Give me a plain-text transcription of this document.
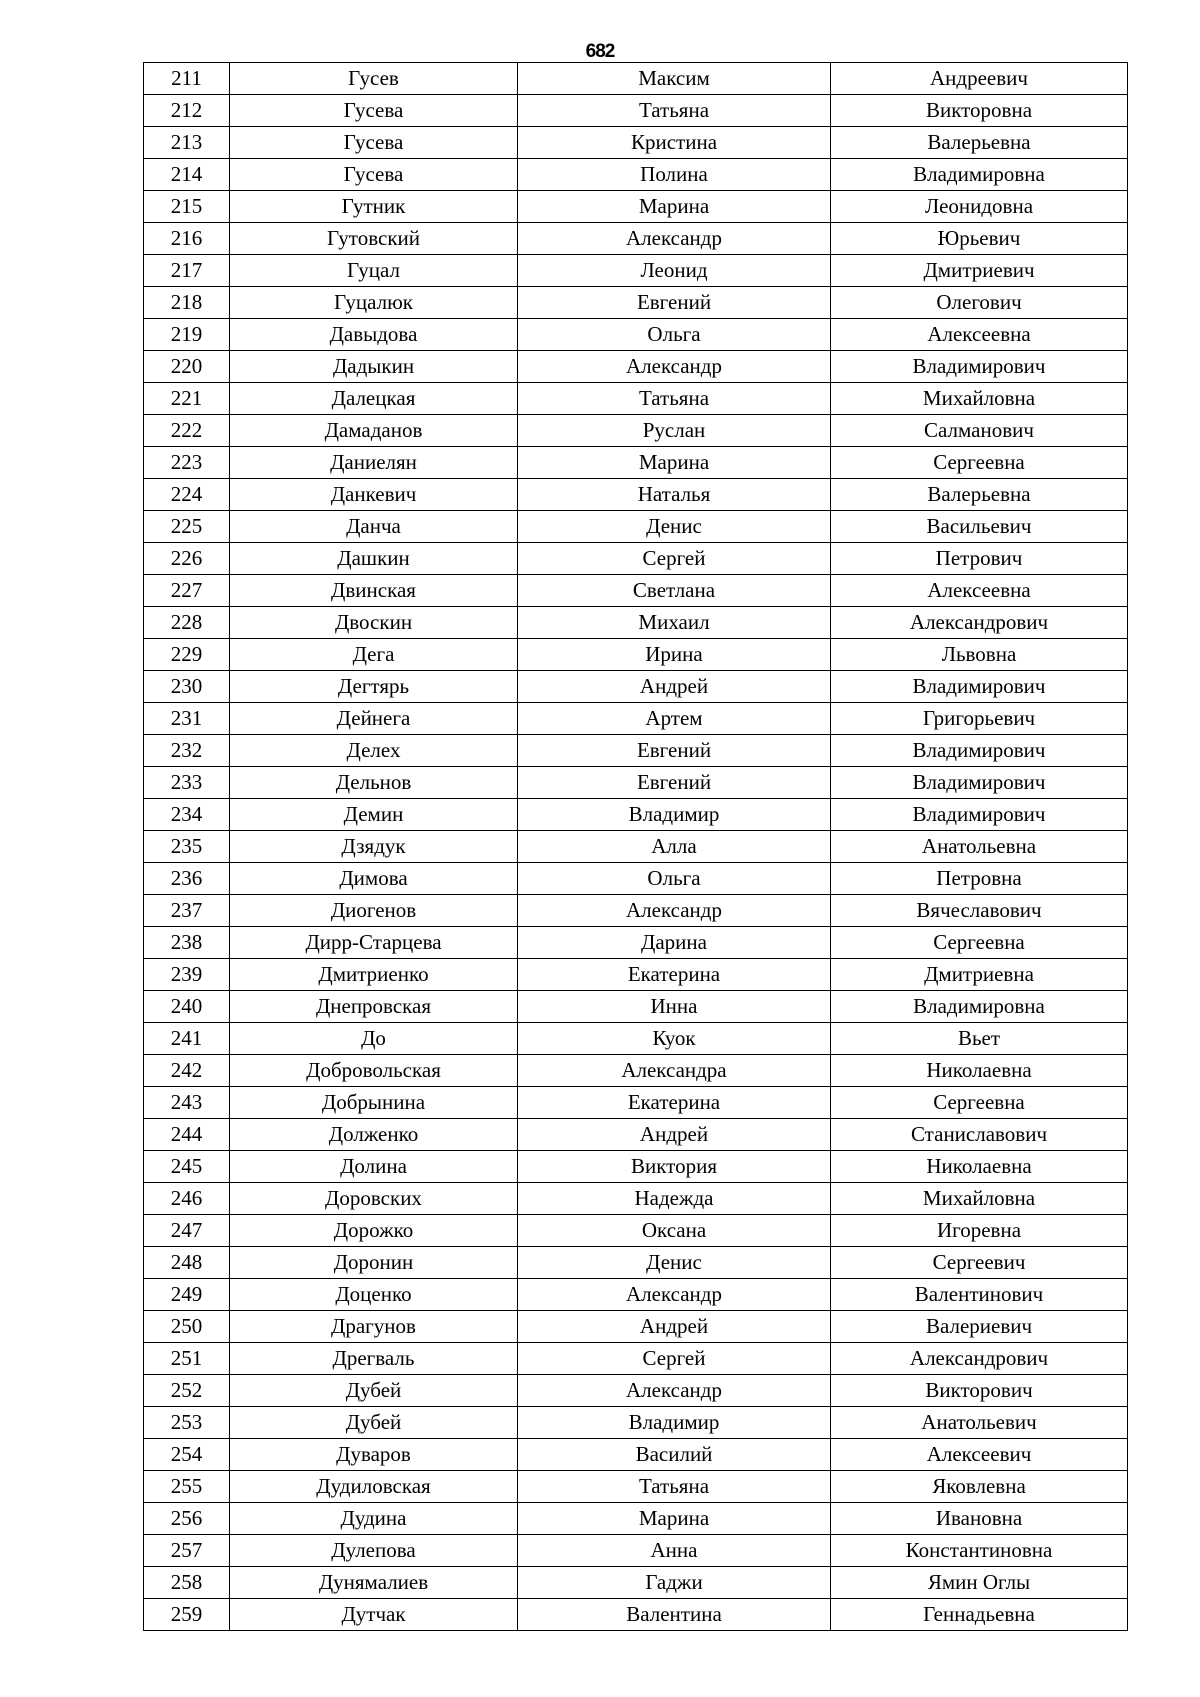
682
211	Гусев	Максим	Андреевич
212	Гусева	Татьяна	Викторовна
213	Гусева	Кристина	Валерьевна
214	Гусева	Полина	Владимировна
215	Гутник	Марина	Леонидовна
216	Гутовский	Александр	Юрьевич
217	Гуцал	Леонид	Дмитриевич
218	Гуцалюк	Евгений	Олегович
219	Давыдова	Ольга	Алексеевна
220	Дадыкин	Александр	Владимирович
221	Далецкая	Татьяна	Михайловна
222	Дамаданов	Руслан	Салманович
223	Даниелян	Марина	Сергеевна
224	Данкевич	Наталья	Валерьевна
225	Данча	Денис	Васильевич
226	Дашкин	Сергей	Петрович
227	Двинская	Светлана	Алексеевна
228	Двоскин	Михаил	Александрович
229	Дега	Ирина	Львовна
230	Дегтярь	Андрей	Владимирович
231	Дейнега	Артем	Григорьевич
232	Делех	Евгений	Владимирович
233	Дельнов	Евгений	Владимирович
234	Демин	Владимир	Владимирович
235	Дзядук	Алла	Анатольевна
236	Димова	Ольга	Петровна
237	Диогенов	Александр	Вячеславович
238	Дирр-Старцева	Дарина	Сергеевна
239	Дмитриенко	Екатерина	Дмитриевна
240	Днепровская	Инна	Владимировна
241	До	Куок	Вьет
242	Добровольская	Александра	Николаевна
243	Добрынина	Екатерина	Сергеевна
244	Долженко	Андрей	Станиславович
245	Долина	Виктория	Николаевна
246	Доровских	Надежда	Михайловна
247	Дорожко	Оксана	Игоревна
248	Доронин	Денис	Сергеевич
249	Доценко	Александр	Валентинович
250	Драгунов	Андрей	Валериевич
251	Дрегваль	Сергей	Александрович
252	Дубей	Александр	Викторович
253	Дубей	Владимир	Анатольевич
254	Дуваров	Василий	Алексеевич
255	Дудиловская	Татьяна	Яковлевна
256	Дудина	Марина	Ивановна
257	Дулепова	Анна	Константиновна
258	Дунямалиев	Гаджи	Ямин Оглы
259	Дутчак	Валентина	Геннадьевна
